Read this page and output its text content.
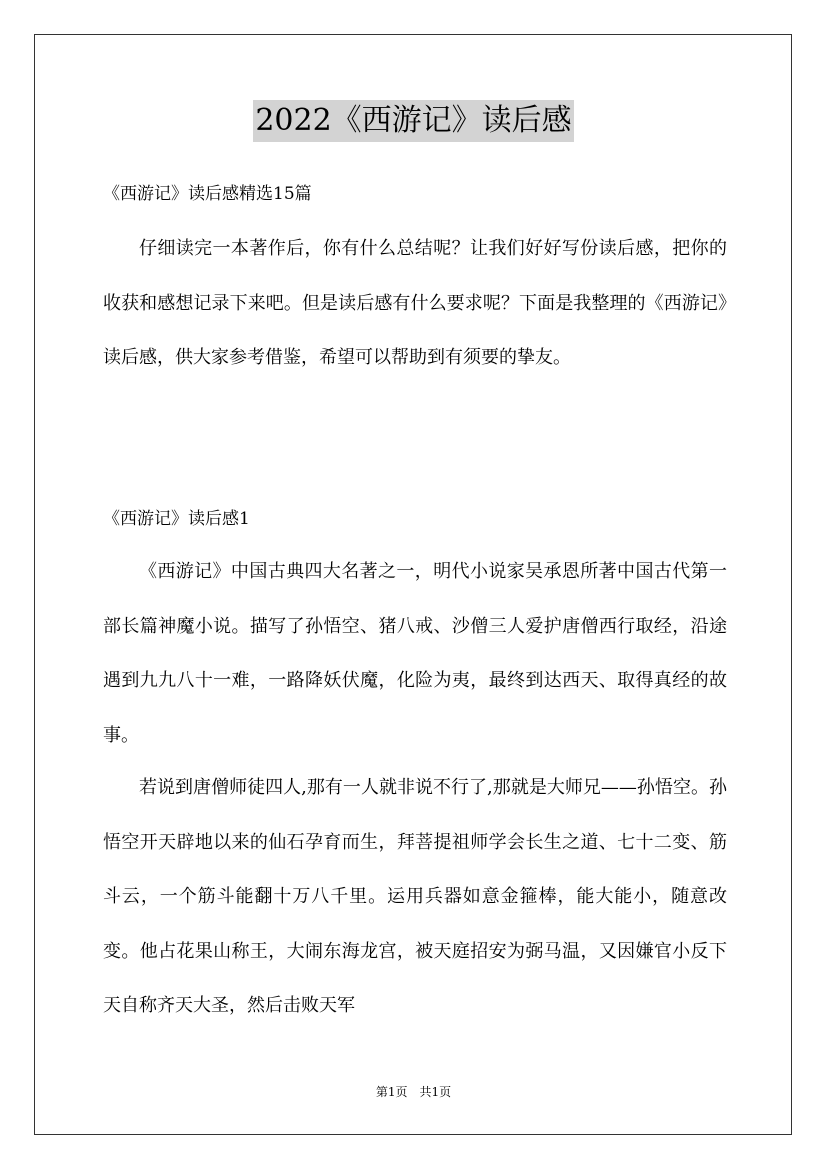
2022《西游记》读后感
《西游记》读后感精选15篇

仔细读完一本著作后，你有什么总结呢？让我们好好写份读后感，把你的收获和感想记录下来吧。但是读后感有什么要求呢？下面是我整理的《西游记》读后感，供大家参考借鉴，希望可以帮助到有须要的挚友。

《西游记》读后感1

《西游记》中国古典四大名著之一，明代小说家吴承恩所著中国古代第一部长篇神魔小说。描写了孙悟空、猪八戒、沙僧三人爱护唐僧西行取经，沿途遇到九九八十一难，一路降妖伏魔，化险为夷，最终到达西天、取得真经的故事。

若说到唐僧师徒四人,那有一人就非说不行了,那就是大师兄——孙悟空。孙悟空开天辟地以来的仙石孕育而生，拜菩提祖师学会长生之道、七十二变、筋斗云，一个筋斗能翻十万八千里。运用兵器如意金箍棒，能大能小，随意改变。他占花果山称王，大闹东海龙宫，被天庭招安为弼马温，又因嫌官小反下天自称齐天大圣，然后击败天军

第1页　共1页
